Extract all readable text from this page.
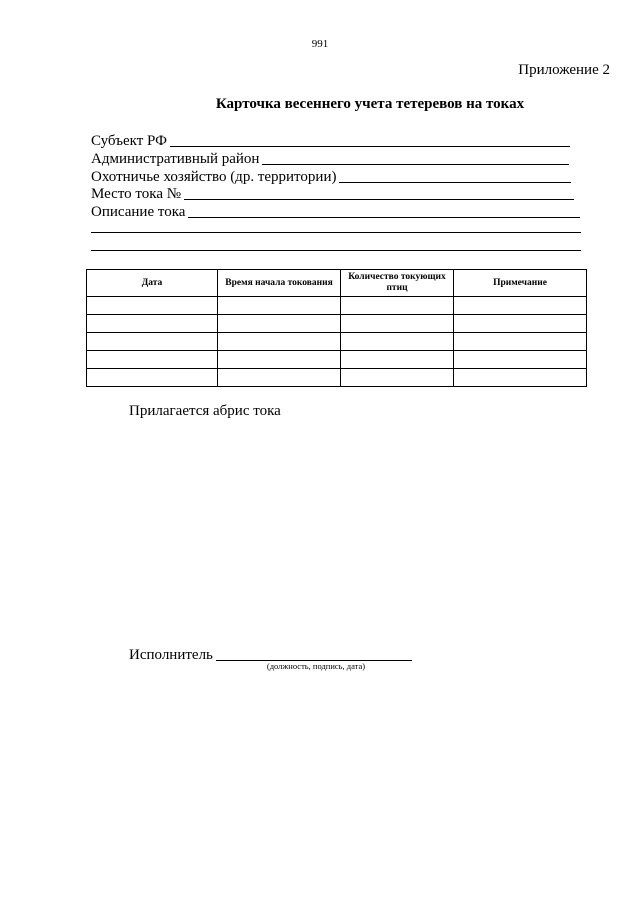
991
Приложение 2
Карточка весеннего учета тетеревов на токах
Субъект РФ
Административный район
Охотничье хозяйство (др. территории)
Место тока №
Описание тока
Дата	Время начала токования	Количество токующих птиц	Примечание

Прилагается абрис тока
Исполнитель
(должность, подпись, дата)
